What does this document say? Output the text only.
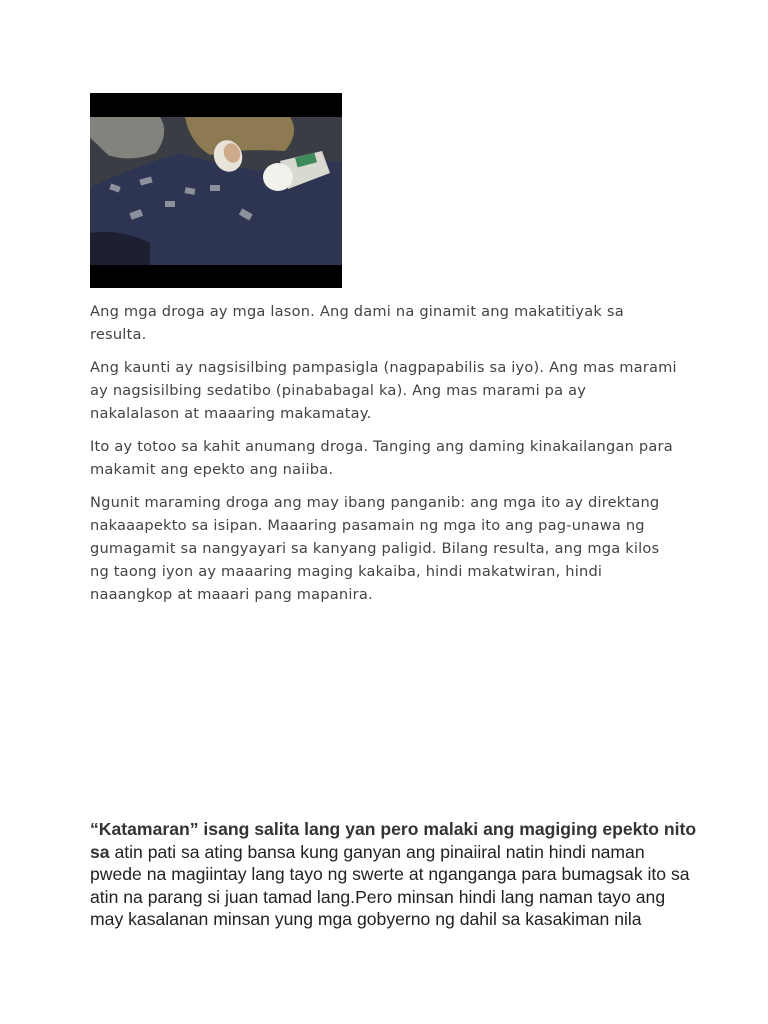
Ang mga droga ay mga lason. Ang dami na ginamit ang makatitiyak sa resulta.

Ang kaunti ay nagsisilbing pampasigla (nagpapabilis sa iyo). Ang mas marami ay nagsisilbing sedatibo (pinababagal ka). Ang mas marami pa ay nakalalason at maaaring makamatay.

Ito ay totoo sa kahit anumang droga. Tanging ang daming kinakailangan para makamit ang epekto ang naiiba.

Ngunit maraming droga ang may ibang panganib: ang mga ito ay direktang nakaaapekto sa isipan. Maaaring pasamain ng mga ito ang pag-unawa ng gumagamit sa nangyayari sa kanyang paligid. Bilang resulta, ang mga kilos ng taong iyon ay maaaring maging kakaiba, hindi makatwiran, hindi naaangkop at maaari pang mapanira.

“Katamaran” isang salita lang yan pero malaki ang magiging epekto nito sa atin pati sa ating bansa kung ganyan ang pinaiiral natin hindi naman pwede na magiintay lang tayo ng swerte at nganganga para bumagsak ito sa atin na parang si juan tamad lang.Pero minsan hindi lang naman tayo ang may kasalanan minsan yung mga gobyerno ng dahil sa kasakiman nila
